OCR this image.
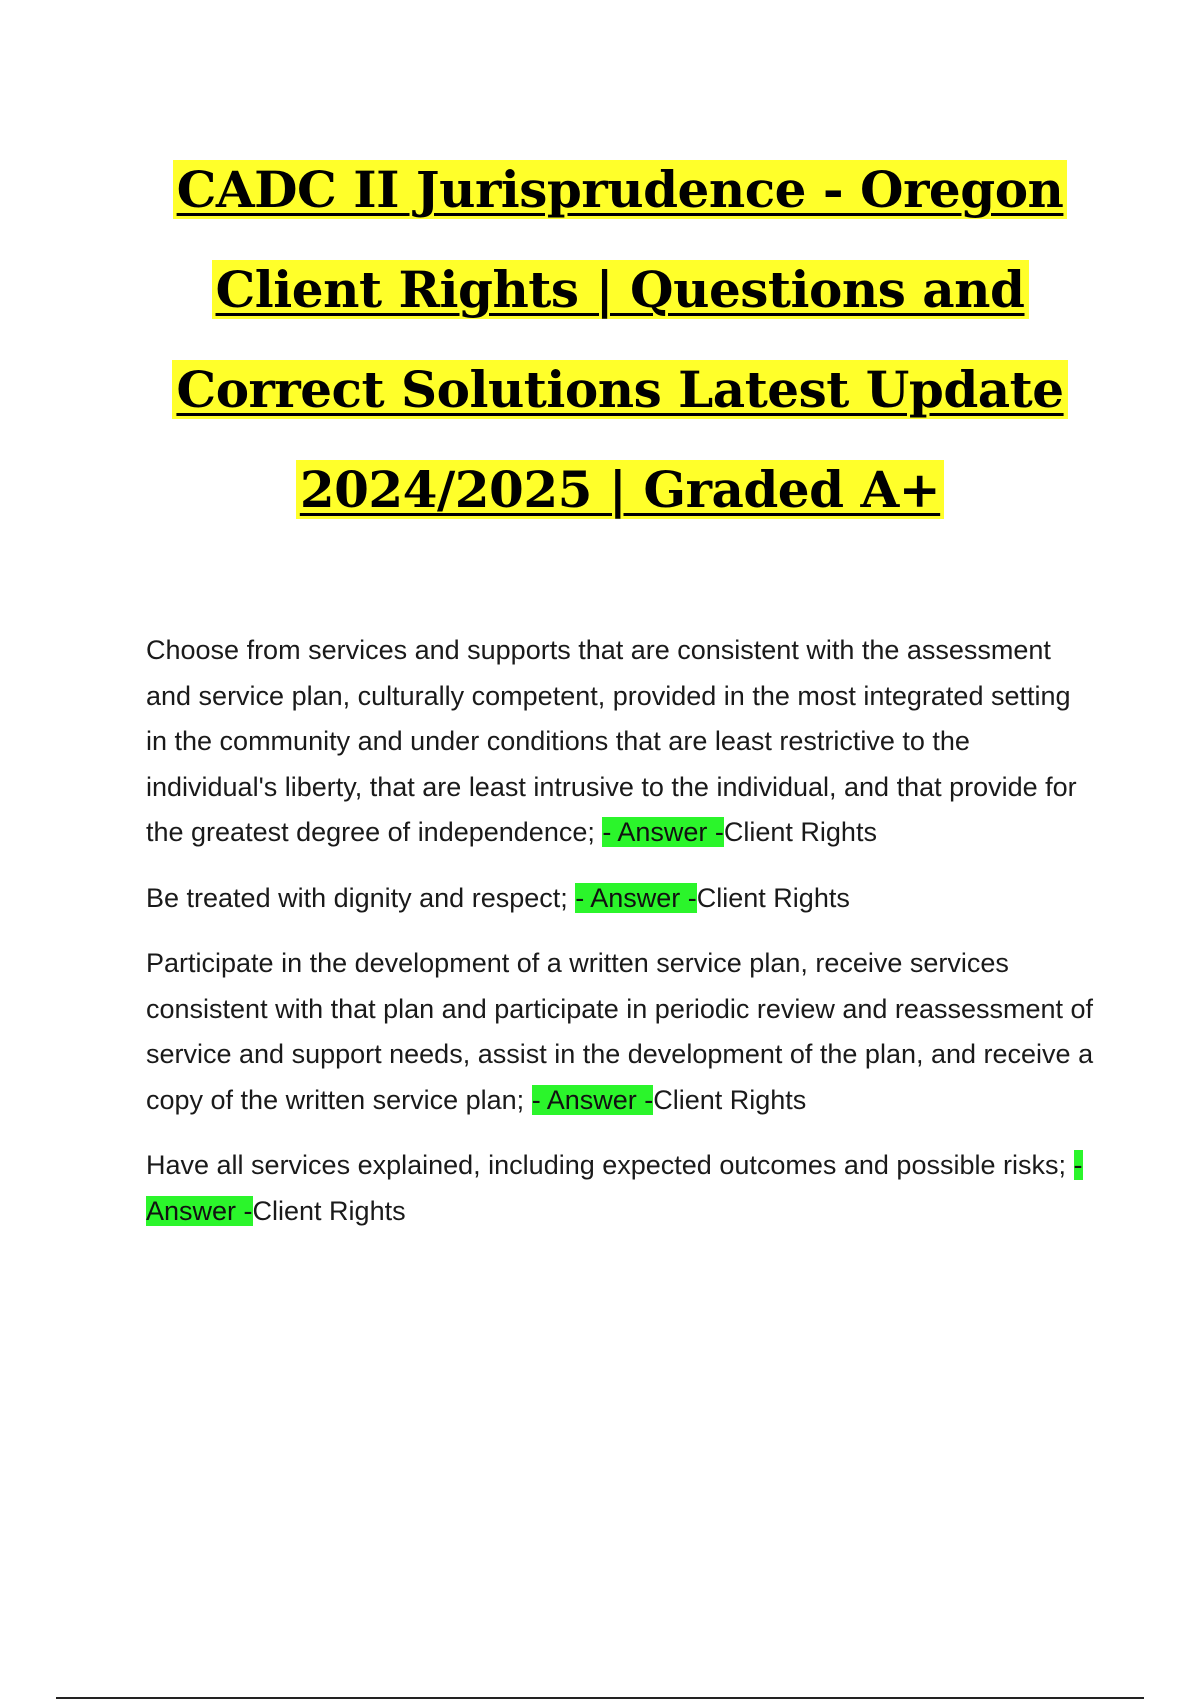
CADC II Jurisprudence - Oregon
Client Rights | Questions and
Correct Solutions Latest Update
2024/2025 | Graded A+

Choose from services and supports that are consistent with the assessment and service plan, culturally competent, provided in the most integrated setting in the community and under conditions that are least restrictive to the individual's liberty, that are least intrusive to the individual, and that provide for the greatest degree of independence; - Answer -Client Rights

Be treated with dignity and respect; - Answer -Client Rights

Participate in the development of a written service plan, receive services consistent with that plan and participate in periodic review and reassessment of service and support needs, assist in the development of the plan, and receive a copy of the written service plan; - Answer -Client Rights

Have all services explained, including expected outcomes and possible risks; - Answer -Client Rights
